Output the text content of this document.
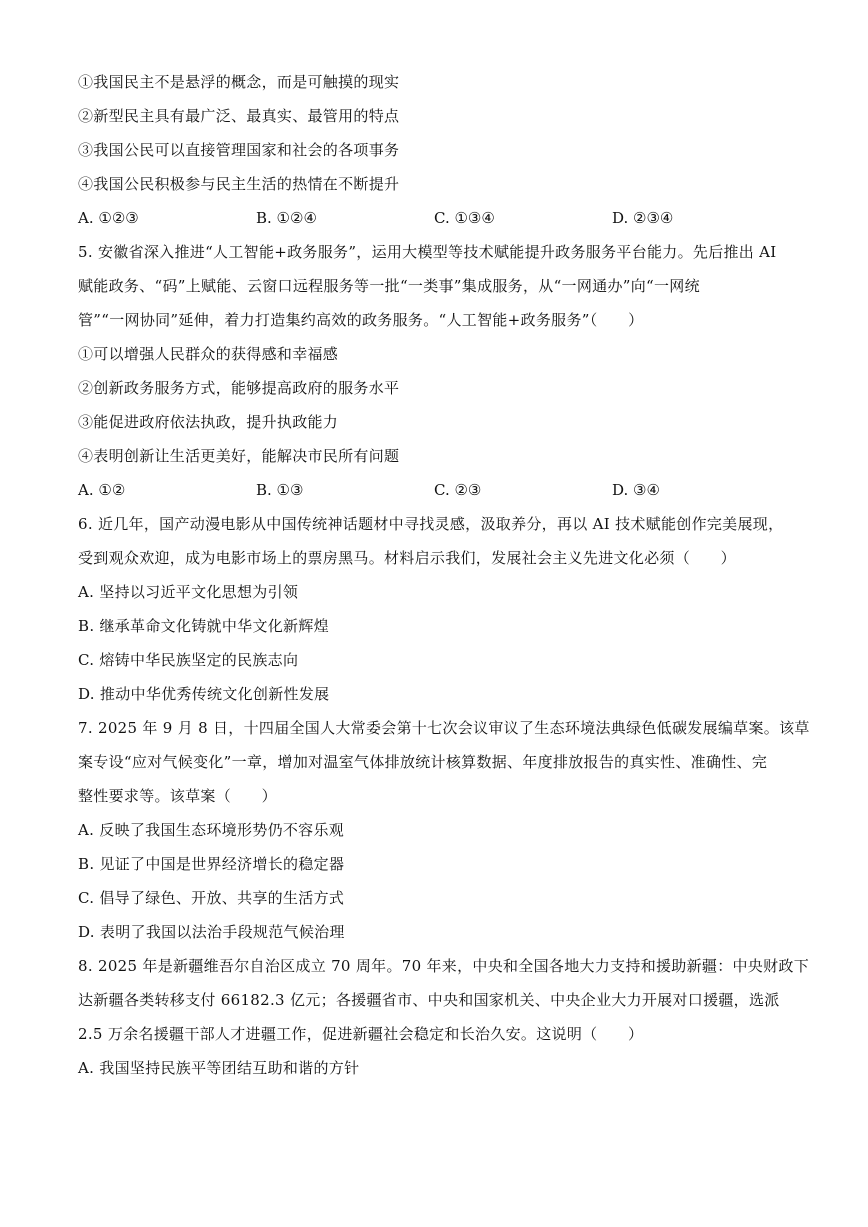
①我国民主不是悬浮的概念，而是可触摸的现实
②新型民主具有最广泛、最真实、最管用的特点
③我国公民可以直接管理国家和社会的各项事务
④我国公民积极参与民主生活的热情在不断提升
A. ①②③	B. ①②④	C. ①③④	D. ②③④
5. 安徽省深入推进“人工智能+政务服务”，运用大模型等技术赋能提升政务服务平台能力。先后推出 AI
赋能政务、“码”上赋能、云窗口远程服务等一批“一类事”集成服务，从“一网通办”向“一网统
管”“一网协同”延伸，着力打造集约高效的政务服务。“人工智能+政务服务”（　　）
①可以增强人民群众的获得感和幸福感
②创新政务服务方式，能够提高政府的服务水平
③能促进政府依法执政，提升执政能力
④表明创新让生活更美好，能解决市民所有问题
A. ①②	B. ①③	C. ②③	D. ③④
6. 近几年，国产动漫电影从中国传统神话题材中寻找灵感，汲取养分，再以 AI 技术赋能创作完美展现，
受到观众欢迎，成为电影市场上的票房黑马。材料启示我们，发展社会主义先进文化必须（　　）
A. 坚持以习近平文化思想为引领
B. 继承革命文化铸就中华文化新辉煌
C. 熔铸中华民族坚定的民族志向
D. 推动中华优秀传统文化创新性发展
7. 2025 年 9 月 8 日，十四届全国人大常委会第十七次会议审议了生态环境法典绿色低碳发展编草案。该草
案专设“应对气候变化”一章，增加对温室气体排放统计核算数据、年度排放报告的真实性、准确性、完
整性要求等。该草案（　　）
A. 反映了我国生态环境形势仍不容乐观
B. 见证了中国是世界经济增长的稳定器
C. 倡导了绿色、开放、共享的生活方式
D. 表明了我国以法治手段规范气候治理
8. 2025 年是新疆维吾尔自治区成立 70 周年。70 年来，中央和全国各地大力支持和援助新疆：中央财政下
达新疆各类转移支付 66182.3 亿元；各援疆省市、中央和国家机关、中央企业大力开展对口援疆，选派
2.5 万余名援疆干部人才进疆工作，促进新疆社会稳定和长治久安。这说明（　　）
A. 我国坚持民族平等团结互助和谐的方针
